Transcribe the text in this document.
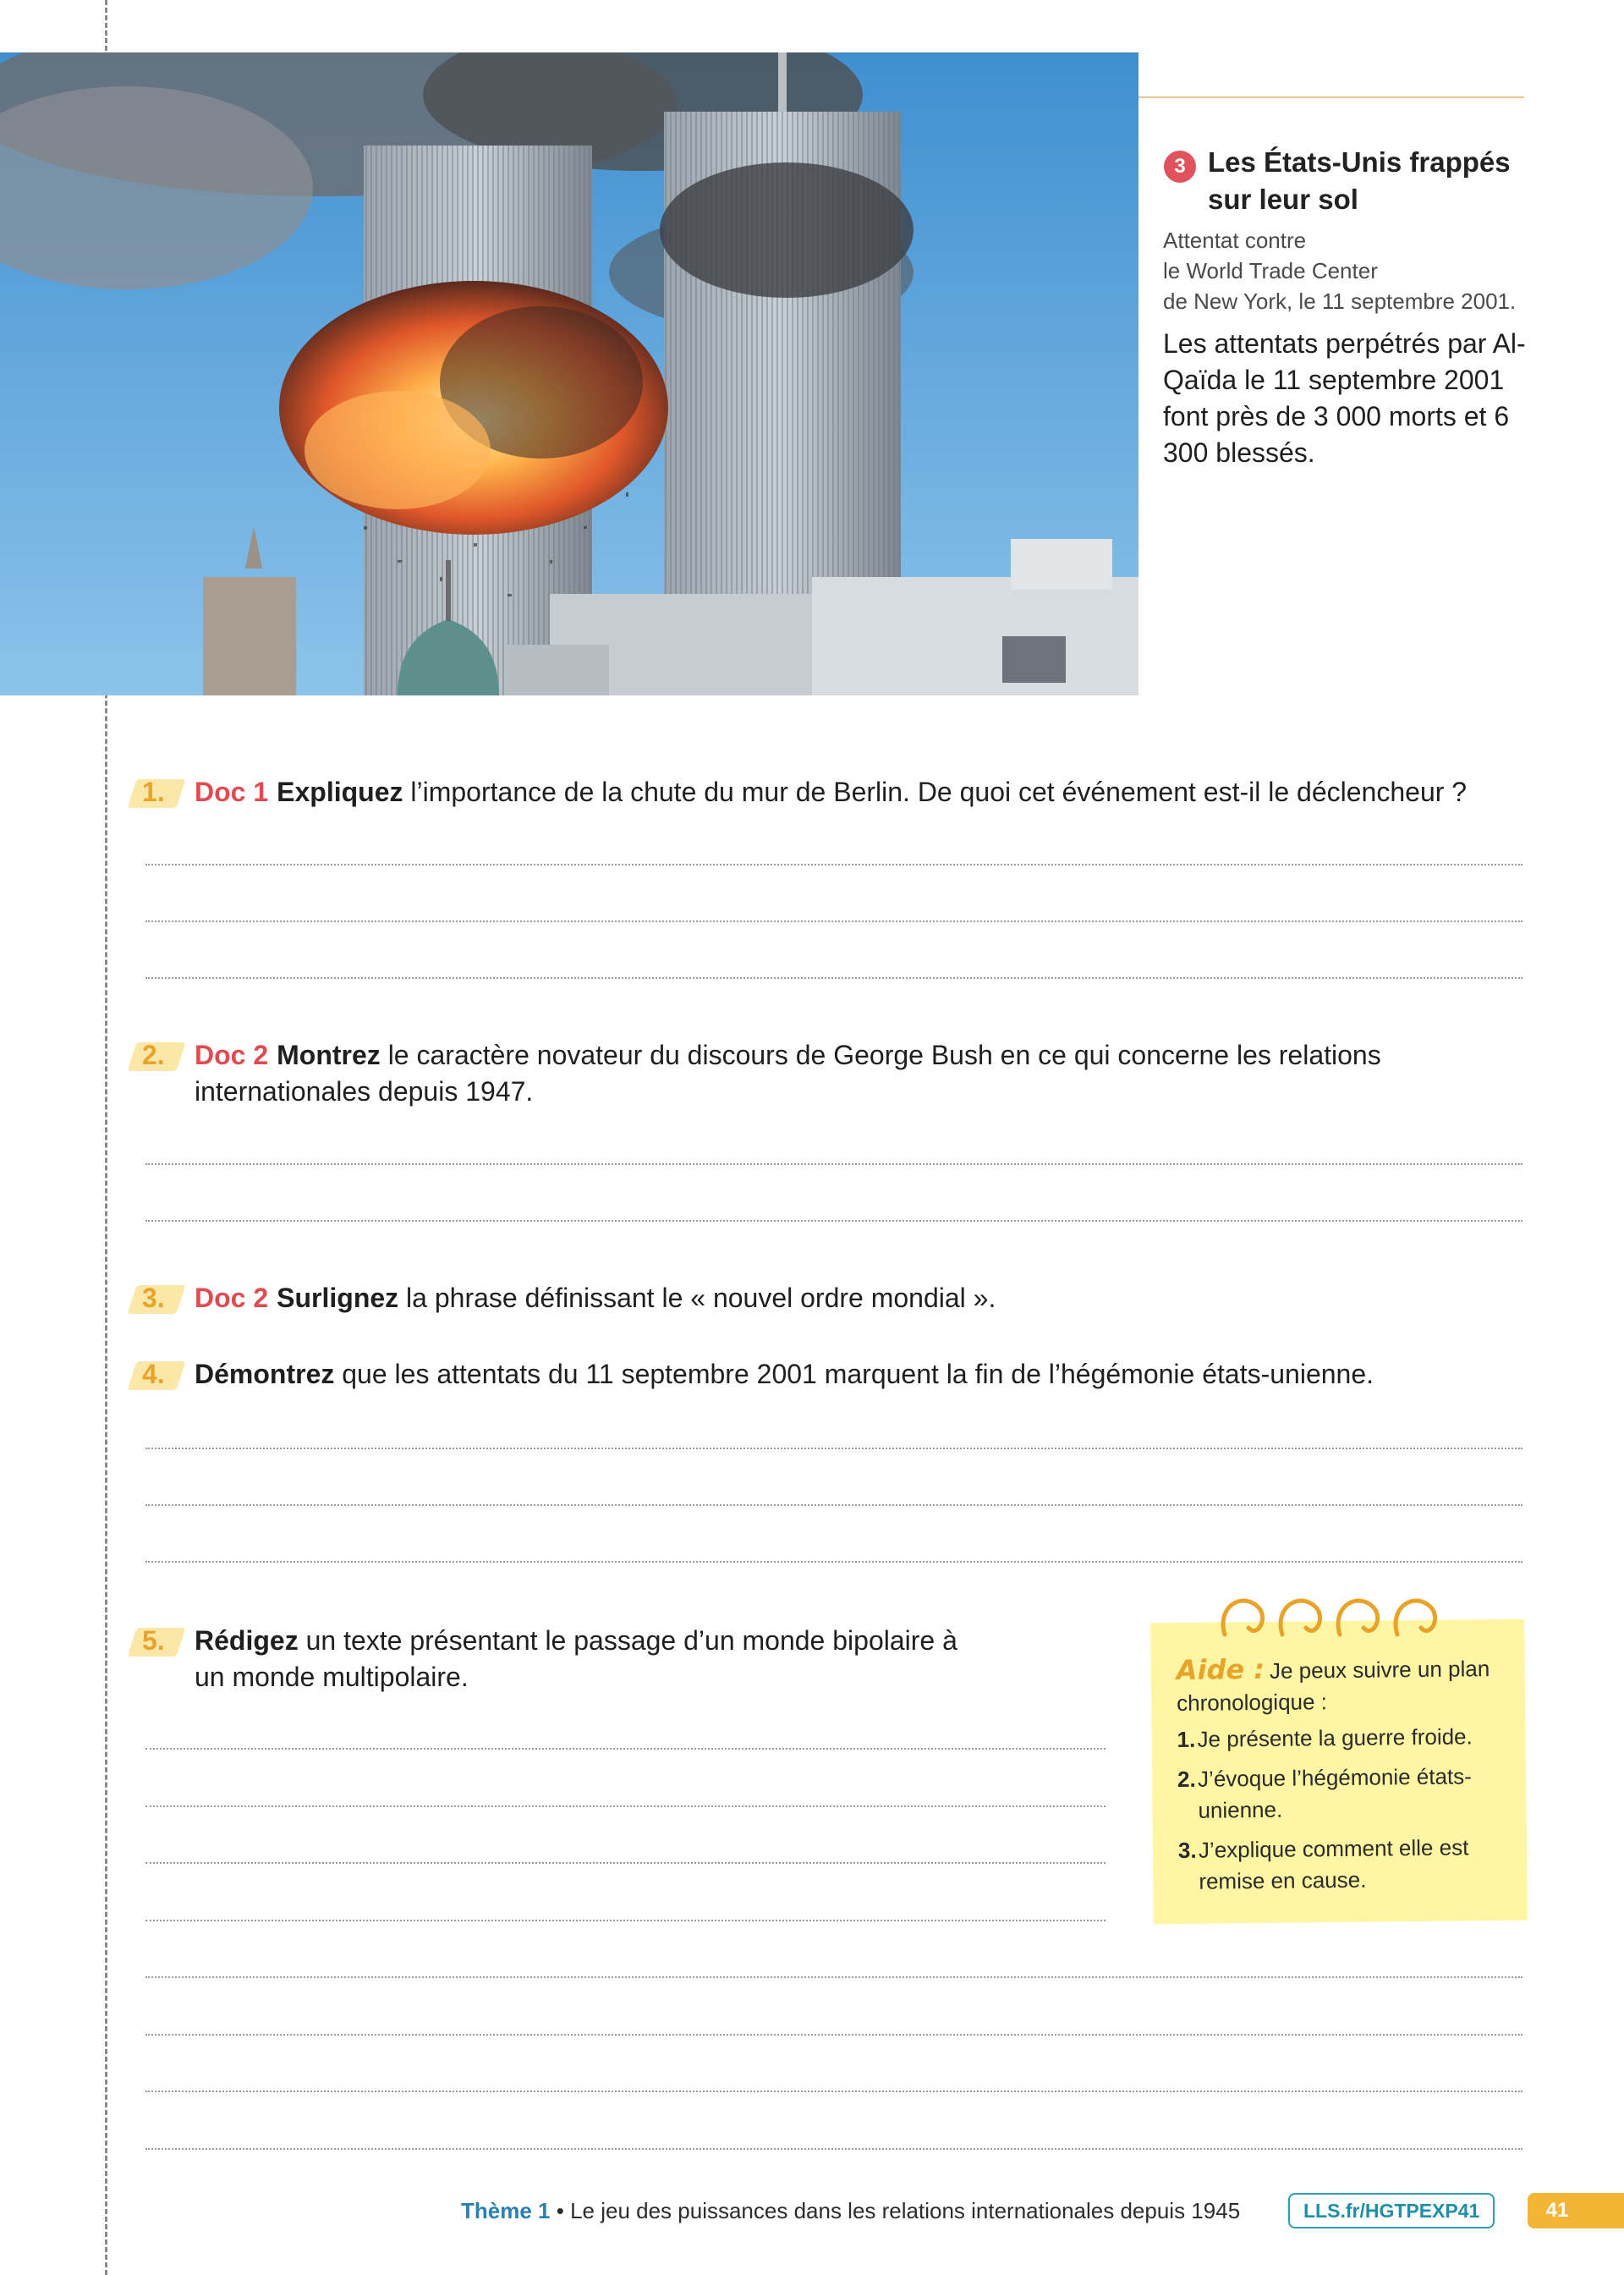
3 Les États-Unis frappés sur leur sol
Attentat contre
le World Trade Center
de New York, le 11 septembre 2001.
Les attentats perpétrés par Al-Qaïda le 11 septembre 2001 font près de 3 000 morts et 6 300 blessés.
1.	Doc 1 Expliquez l’importance de la chute du mur de Berlin. De quoi cet événement est-il le déclencheur ?
2.	Doc 2 Montrez le caractère novateur du discours de George Bush en ce qui concerne les relations internationales depuis 1947.
3.	Doc 2 Surlignez la phrase définissant le « nouvel ordre mondial ».
4.	Démontrez que les attentats du 11 septembre 2001 marquent la fin de l’hégémonie états-unienne.
5.	Rédigez un texte présentant le passage d’un monde bipolaire à un monde multipolaire.	Aide : Je peux suivre un plan chronologique :
1. Je présente la guerre froide.
2. J’évoque l’hégémonie états-unienne.
3. J’explique comment elle est remise en cause.
Thème 1 • Le jeu des puissances dans les relations internationales depuis 1945	LLS.fr/HGTPEXP41	41
